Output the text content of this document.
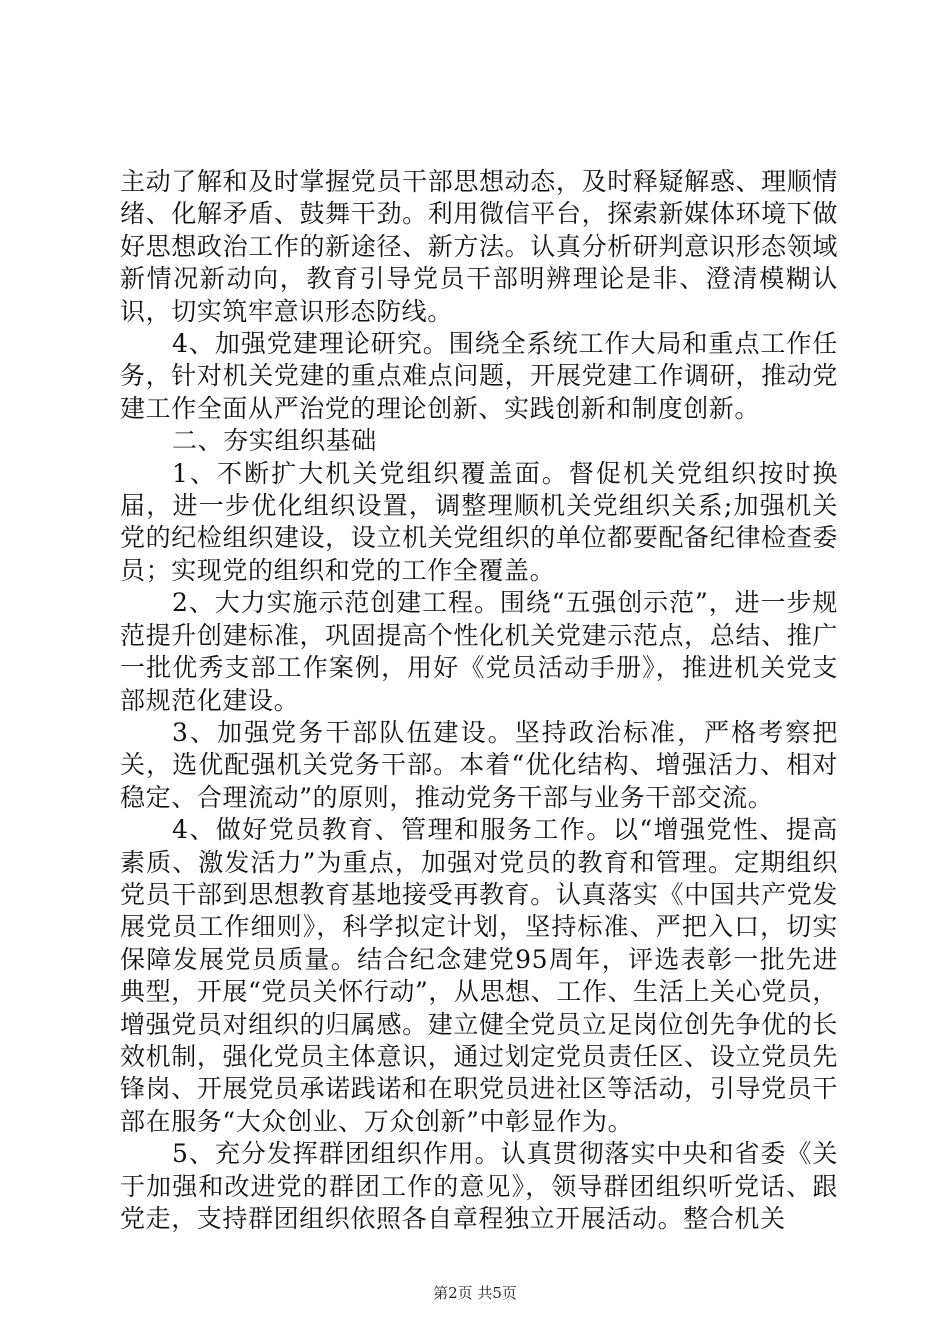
主动了解和及时掌握党员干部思想动态，及时释疑解惑、理顺情绪、化解矛盾、鼓舞干劲。利用微信平台，探索新媒体环境下做好思想政治工作的新途径、新方法。认真分析研判意识形态领域新情况新动向，教育引导党员干部明辨理论是非、澄清模糊认识，切实筑牢意识形态防线。

4、加强党建理论研究。围绕全系统工作大局和重点工作任务，针对机关党建的重点难点问题，开展党建工作调研，推动党建工作全面从严治党的理论创新、实践创新和制度创新。

二、夯实组织基础

1、不断扩大机关党组织覆盖面。督促机关党组织按时换届，进一步优化组织设置，调整理顺机关党组织关系;加强机关党的纪检组织建设，设立机关党组织的单位都要配备纪律检查委员；实现党的组织和党的工作全覆盖。

2、大力实施示范创建工程。围绕“五强创示范”，进一步规范提升创建标准，巩固提高个性化机关党建示范点，总结、推广一批优秀支部工作案例，用好《党员活动手册》，推进机关党支部规范化建设。

3、加强党务干部队伍建设。坚持政治标准，严格考察把关，选优配强机关党务干部。本着“优化结构、增强活力、相对稳定、合理流动”的原则，推动党务干部与业务干部交流。

4、做好党员教育、管理和服务工作。以“增强党性、提高素质、激发活力”为重点，加强对党员的教育和管理。定期组织党员干部到思想教育基地接受再教育。认真落实《中国共产党发展党员工作细则》，科学拟定计划，坚持标准、严把入口，切实保障发展党员质量。结合纪念建党95周年，评选表彰一批先进典型，开展“党员关怀行动”，从思想、工作、生活上关心党员，增强党员对组织的归属感。建立健全党员立足岗位创先争优的长效机制，强化党员主体意识，通过划定党员责任区、设立党员先锋岗、开展党员承诺践诺和在职党员进社区等活动，引导党员干部在服务“大众创业、万众创新”中彰显作为。

5、充分发挥群团组织作用。认真贯彻落实中央和省委《关于加强和改进党的群团工作的意见》，领导群团组织听党话、跟党走，支持群团组织依照各自章程独立开展活动。整合机关

第2页 共5页
